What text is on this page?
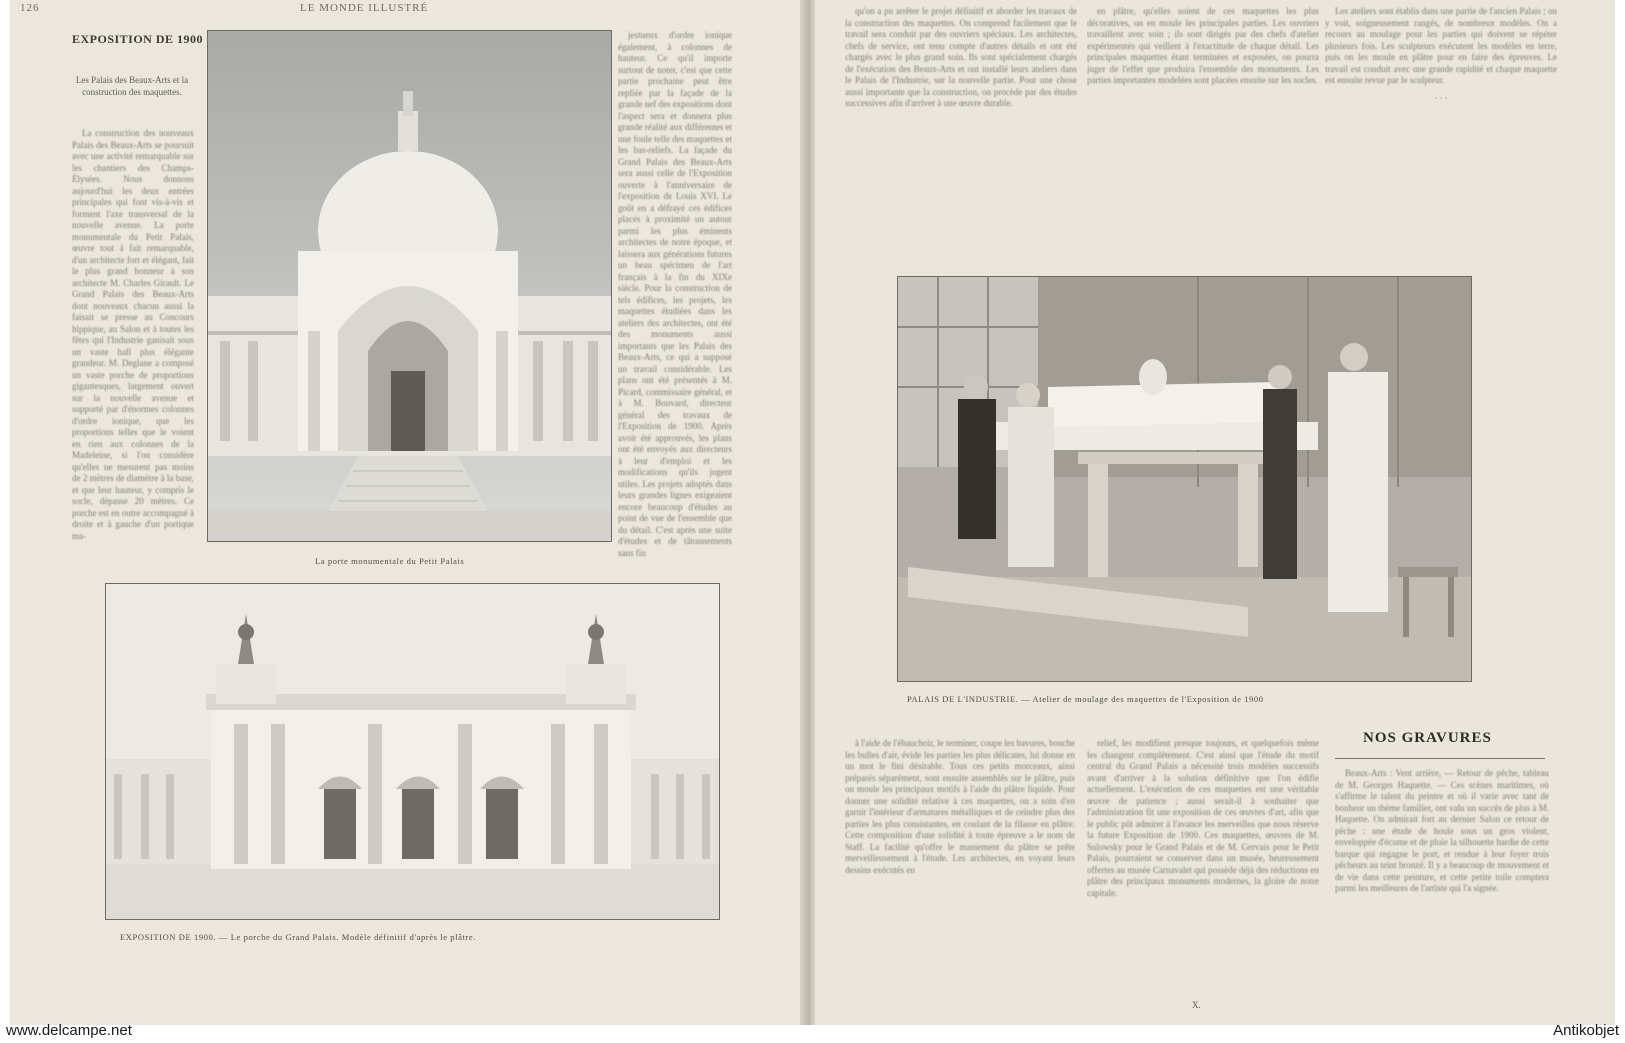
126	LE MONDE ILLUSTRÉ
EXPOSITION DE 1900
Les Palais des Beaux-Arts et la construction des maquettes.

La construction des nouveaux Palais des Beaux-Arts se poursuit avec une activité remarquable sur les chantiers des Champs-Élysées. Nous donnons aujourd'hui les deux entrées principales qui font vis-à-vis et forment l'axe transversal de la nouvelle avenue. La porte monumentale du Petit Palais, œuvre tout à fait remarquable, d'un architecte fort et élégant, fait le plus grand honneur à son architecte M. Charles Girault. Le Grand Palais des Beaux-Arts dont nouveaux chacun aussi la faisait se presse au Concours hippique, au Salon et à toutes les fêtes qui l'Industrie ganisait sous un vaste hall plus élégante grandeur. M. Deglane a composé un vaste porche de proportions gigantesques, largement ouvert sur la nouvelle avenue et supporté par d'énormes colonnes d'ordre ionique, que les proportions telles que le voient en rien aux colonnes de la Madeleine, si l'on considère qu'elles ne mesurent pas moins de 2 mètres de diamètre à la base, et que leur hauteur, y compris le socle, dépasse 20 mètres. Ce porche est en outre accompagné à droite et à gauche d'un portique ma-

La porte monumentale du Petit Palais

jestueux d'ordre ionique également, à colonnes de hauteur. Ce qu'il importe surtout de noter, c'est que cette partie prochaine peut être repliée par la façade de la grande nef des expositions dont l'aspect sera et donnera plus grande réalité aux différentes et une foule telle des maquettes et les bas-reliefs. La façade du Grand Palais des Beaux-Arts sera aussi celle de l'Exposition ouverte à l'anniversaire de l'exposition de Louis XVI. Le goût en a défrayé ces édifices placés à proximité un autour parmi les plus éminents architectes de notre époque, et laissera aux générations futures un beau spécimen de l'art français à la fin du XIXe siècle. Pour la construction de tels édifices, les projets, les maquettes étudiées dans les ateliers des architectes, ont été des monuments aussi importants que les Palais des Beaux-Arts, ce qui a supposé un travail considérable. Les plans ont été présentés à M. Picard, commissaire général, et à M. Bouvard, directeur général des travaux de l'Exposition de 1900. Après avoir été approuvés, les plans ont été envoyés aux directeurs à leur d'emploi et les modifications qu'ils jugent utiles. Les projets adoptés dans leurs grandes lignes exigeaient encore beaucoup d'études au point de vue de l'ensemble que du détail. C'est après une suite d'études et de tâtonnements sans fin

EXPOSITION DE 1900. — Le porche du Grand Palais. Modèle définitif d'après le plâtre.

qu'on a pu arrêter le projet définitif et aborder les travaux de la construction des maquettes. On comprend facilement que le travail sera conduit par des ouvriers spéciaux. Les architectes, chefs de service, ont tenu compte d'autres détails et ont été chargés avec le plus grand soin. Ils sont spécialement chargés de l'exécution des Beaux-Arts et ont installé leurs ateliers dans le Palais de l'Industrie, sur la nouvelle partie. Pour une chose aussi importante que la construction, on procède par des études successives afin d'arriver à une œuvre durable.

en plâtre, qu'elles soient de ces maquettes les plus décoratives, on en moule les principales parties. Les ouvriers travaillent avec soin ; ils sont dirigés par des chefs d'atelier expérimentés qui veillent à l'exactitude de chaque détail. Les principales maquettes étant terminées et exposées, on pourra juger de l'effet que produira l'ensemble des monuments. Les parties importantes modelées sont placées ensuite sur les socles.

Les ateliers sont établis dans une partie de l'ancien Palais ; on y voit, soigneusement rangés, de nombreux modèles. On a recours au moulage pour les parties qui doivent se répéter plusieurs fois. Les sculpteurs exécutent les modèles en terre, puis on les moule en plâtre pour en faire des épreuves. Le travail est conduit avec une grande rapidité et chaque maquette est ensuite revue par le sculpteur.

· · ·
PALAIS DE L'INDUSTRIE. — Atelier de moulage des maquettes de l'Exposition de 1900

à l'aide de l'ébauchoir, le terminer, coupe les bavures, bouche les bulles d'air, évide les parties les plus délicates, lui donne en un mot le fini désirable. Tous ces petits morceaux, ainsi préparés séparément, sont ensuite assemblés sur le plâtre, puis on moule les principaux motifs à l'aide du plâtre liquide. Pour donner une solidité relative à ces maquettes, on a soin d'en garnir l'intérieur d'armatures métalliques et de ceindre plus des parties les plus consistantes, en coulant de la filasse en plâtre. Cette composition d'une solidité à toute épreuve a le nom de Staff. La facilité qu'offre le maniement du plâtre se prête merveilleusement à l'étude. Les architectes, en voyant leurs dessins exécutés en

relief, les modifient presque toujours, et quelquefois même les changent complètement. C'est ainsi que l'étude du motif central du Grand Palais a nécessité trois modèles successifs avant d'arriver à la solution définitive que l'on édifie actuellement. L'exécution de ces maquettes est une véritable œuvre de patience ; aussi serait-il à souhaiter que l'administration fit une exposition de ces œuvres d'art, afin que le public pût admirer à l'avance les merveilles que nous réserve la future Exposition de 1900. Ces maquettes, œuvres de M. Sulowsky pour le Grand Palais et de M. Gervais pour le Petit Palais, pourraient se conserver dans un musée, heureusement offertes au musée Carnavalet qui possède déjà des réductions en plâtre des principaux monuments modernes, la gloire de notre capitale.

X.
NOS GRAVURES

Beaux-Arts : Vent arrière, — Retour de pêche, tableau de M. Georges Haquette. — Ces scènes maritimes, où s'affirme le talent du peintre et où il varie avec tant de bonheur un thème familier, ont valu un succès de plus à M. Haquette. On admirait fort au dernier Salon ce retour de pêche : une étude de houle sous un gros violent, enveloppée d'écume et de pluie la silhouette hardie de cette barque qui regagne le port, et rendue à leur foyer trois pêcheurs au teint bronzé. Il y a beaucoup de mouvement et de vie dans cette peinture, et cette petite toile comptera parmi les meilleures de l'artiste qui l'a signée.

www.delcampe.net	Antikobjet
